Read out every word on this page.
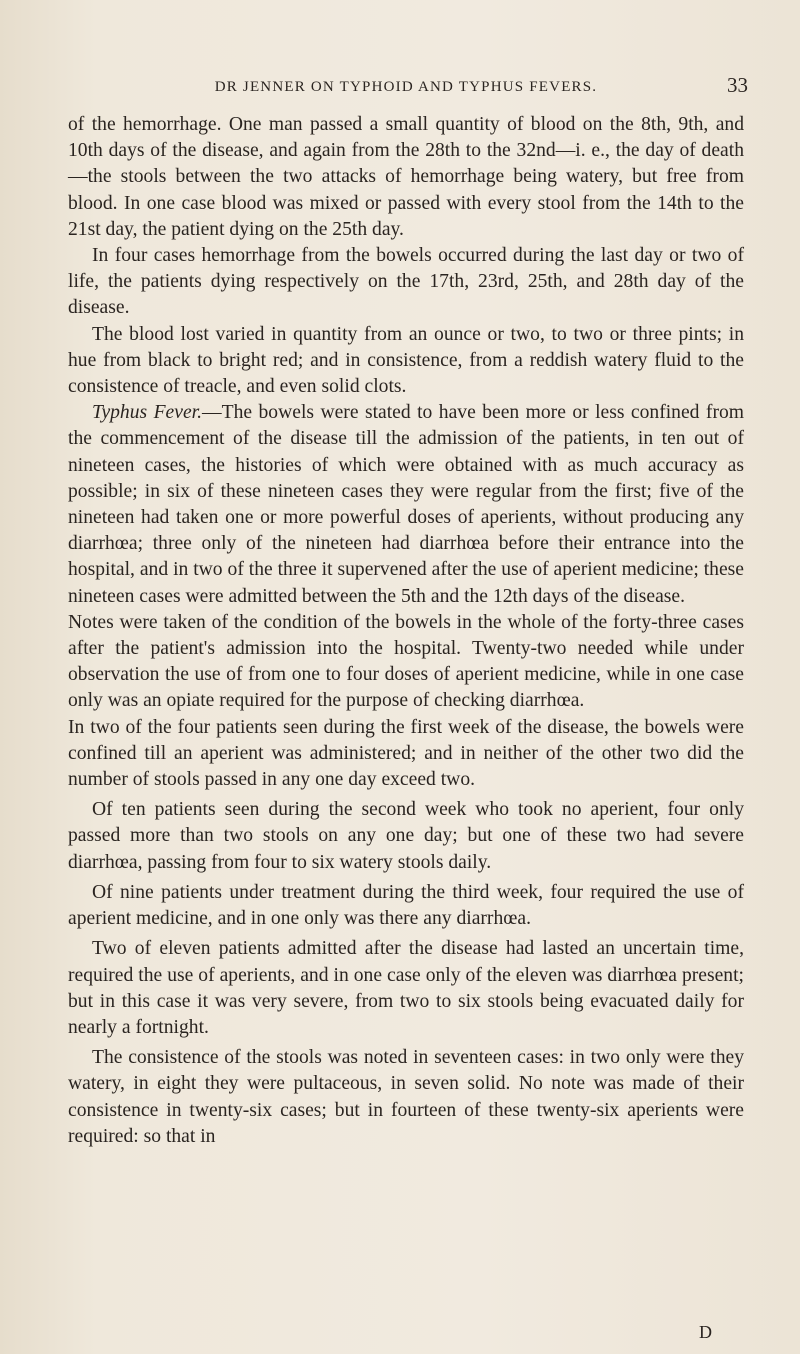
DR JENNER ON TYPHOID AND TYPHUS FEVERS.	33

of the hemorrhage. One man passed a small quantity of blood on the 8th, 9th, and 10th days of the disease, and again from the 28th to the 32nd—i. e., the day of death—the stools between the two attacks of hemorrhage being watery, but free from blood. In one case blood was mixed or passed with every stool from the 14th to the 21st day, the patient dying on the 25th day.

In four cases hemorrhage from the bowels occurred during the last day or two of life, the patients dying respectively on the 17th, 23rd, 25th, and 28th day of the disease.

The blood lost varied in quantity from an ounce or two, to two or three pints; in hue from black to bright red; and in consistence, from a reddish watery fluid to the consistence of treacle, and even solid clots.

Typhus Fever.—The bowels were stated to have been more or less confined from the commencement of the disease till the admission of the patients, in ten out of nineteen cases, the histories of which were obtained with as much accuracy as possible; in six of these nineteen cases they were regular from the first; five of the nineteen had taken one or more powerful doses of aperients, without producing any diarrhœa; three only of the nineteen had diarrhœa before their entrance into the hospital, and in two of the three it supervened after the use of aperient medicine; these nineteen cases were admitted between the 5th and the 12th days of the disease.

Notes were taken of the condition of the bowels in the whole of the forty-three cases after the patient's admission into the hospital. Twenty-two needed while under observation the use of from one to four doses of aperient medicine, while in one case only was an opiate required for the purpose of checking diarrhœa.

In two of the four patients seen during the first week of the disease, the bowels were confined till an aperient was administered; and in neither of the other two did the number of stools passed in any one day exceed two.

Of ten patients seen during the second week who took no aperient, four only passed more than two stools on any one day; but one of these two had severe diarrhœa, passing from four to six watery stools daily.

Of nine patients under treatment during the third week, four required the use of aperient medicine, and in one only was there any diarrhœa.

Two of eleven patients admitted after the disease had lasted an uncertain time, required the use of aperients, and in one case only of the eleven was diarrhœa present; but in this case it was very severe, from two to six stools being evacuated daily for nearly a fortnight.

The consistence of the stools was noted in seventeen cases: in two only were they watery, in eight they were pultaceous, in seven solid. No note was made of their consistence in twenty-six cases; but in fourteen of these twenty-six aperients were required: so that in

D
